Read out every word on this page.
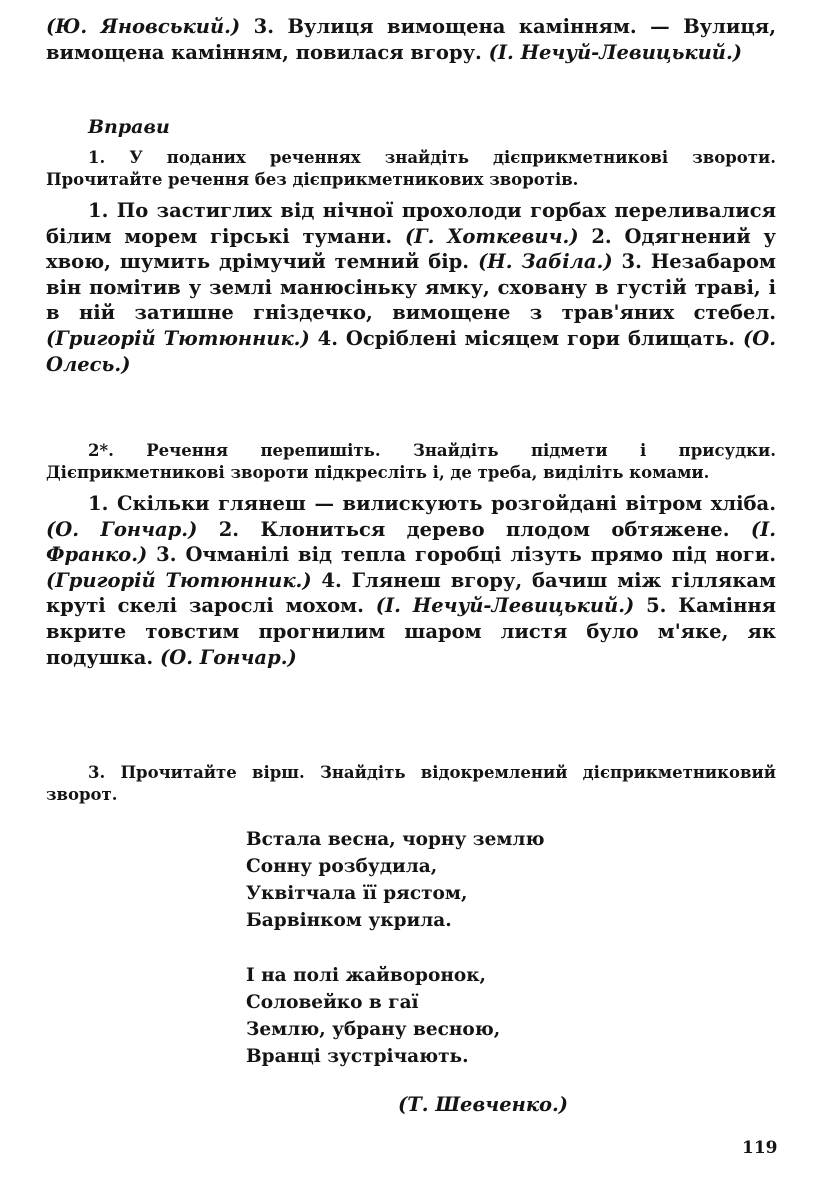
(Ю. Яновський.) 3. Вулиця вимощена камінням. — Вулиця, вимощена камінням, повилася вгору. (І. Нечуй-Левицький.)

Вправи

1. У поданих реченнях знайдіть дієприкметникові звороти. Прочитайте речення без дієприкметникових зворотів.

1. По застиглих від нічної прохолоди горбах переливалися білим морем гірські тумани. (Г. Хоткевич.) 2. Одягнений у хвою, шумить дрімучий темний бір. (Н. Забіла.) 3. Незабаром він помітив у землі манюсіньку ямку, сховану в густій траві, і в ній затишне гніздечко, вимощене з трав'яних стебел. (Григорій Тютюнник.) 4. Осріблені місяцем гори блищать. (О. Олесь.)

2*. Речення перепишіть. Знайдіть підмети і присудки. Дієприкметникові звороти підкресліть і, де треба, виділіть комами.

1. Скільки глянеш — вилискують розгойдані вітром хліба. (О. Гончар.) 2. Клониться дерево плодом обтяжене. (І. Франко.) 3. Очманілі від тепла горобці лізуть прямо під ноги. (Григорій Тютюнник.) 4. Глянеш вгору, бачиш між гіллякам круті скелі зарослі мохом. (І. Нечуй-Левицький.) 5. Каміння вкрите товстим прогнилим шаром листя було м'яке, як подушка. (О. Гончар.)

3. Прочитайте вірш. Знайдіть відокремлений дієприкметниковий зворот.

Встала весна, чорну землю
Сонну розбудила,
Уквітчала її рястом,
Барвінком укрила.
І на полі жайворонок,
Соловейко в гаї
Землю, убрану весною,
Вранці зустрічають.
(Т. Шевченко.)
119
